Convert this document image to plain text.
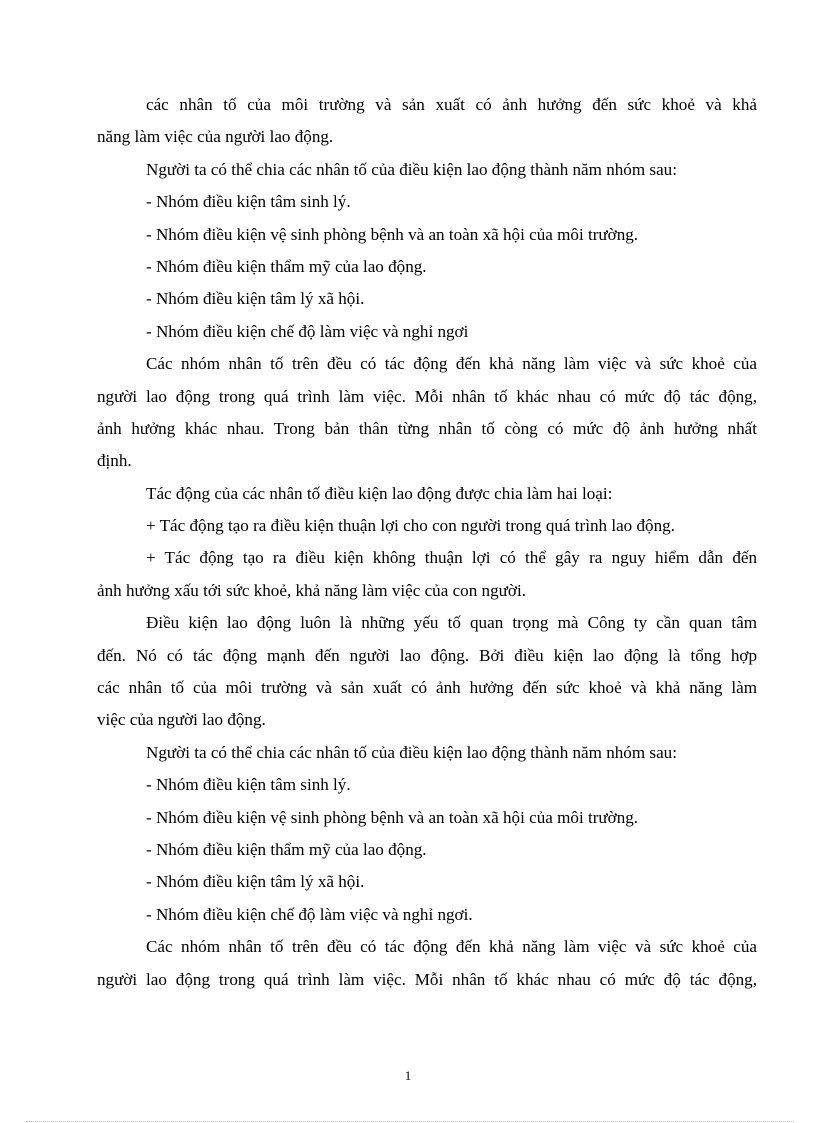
các nhân tố của môi trường và sản xuất có ảnh hưởng đến sức khoẻ và khả

năng làm việc của người lao động.

Người ta có thể chia các nhân tố của điều kiện lao động thành năm nhóm sau:

- Nhóm điều kiện tâm sinh lý.

- Nhóm điều kiện vệ sinh phòng bệnh và an toàn xã hội của môi trường.

- Nhóm điều kiện thẩm mỹ của lao động.

- Nhóm điều kiện tâm lý xã hội.

- Nhóm điều kiện chế độ làm việc và nghỉ ngơi

Các nhóm nhân tố trên đều có tác động đến khả năng làm việc và sức khoẻ của

người lao động trong quá trình làm việc. Mỗi nhân tố khác nhau có mức độ tác động,

ảnh hưởng khác nhau. Trong bản thân từng nhân tố còng có mức độ ảnh hưởng nhất

định.

Tác động của các nhân tố điều kiện lao động được chia làm hai loại:

+ Tác động tạo ra điều kiện thuận lợi cho con người trong quá trình lao động.

+ Tác động tạo ra điều kiện không thuận lợi có thể gây ra nguy hiểm dẫn đến

ảnh hưởng xấu tới sức khoẻ, khả năng làm việc của con người.

Điều kiện lao động luôn là những yếu tố quan trọng mà Công ty cần quan tâm

đến. Nó có tác động mạnh đến người lao động. Bởi điều kiện lao động là tổng hợp

các nhân tố của môi trường và sản xuất có ảnh hưởng đến sức khoẻ và khả năng làm

việc của người lao động.

Người ta có thể chia các nhân tố của điều kiện lao động thành năm nhóm sau:

- Nhóm điều kiện tâm sinh lý.

- Nhóm điều kiện vệ sinh phòng bệnh và an toàn xã hội của môi trường.

- Nhóm điều kiện thẩm mỹ của lao động.

- Nhóm điều kiện tâm lý xã hội.

- Nhóm điều kiện chế độ làm việc và nghỉ ngơi.

Các nhóm nhân tố trên đều có tác động đến khả năng làm việc và sức khoẻ của

người lao động trong quá trình làm việc. Mỗi nhân tố khác nhau có mức độ tác động,

1
